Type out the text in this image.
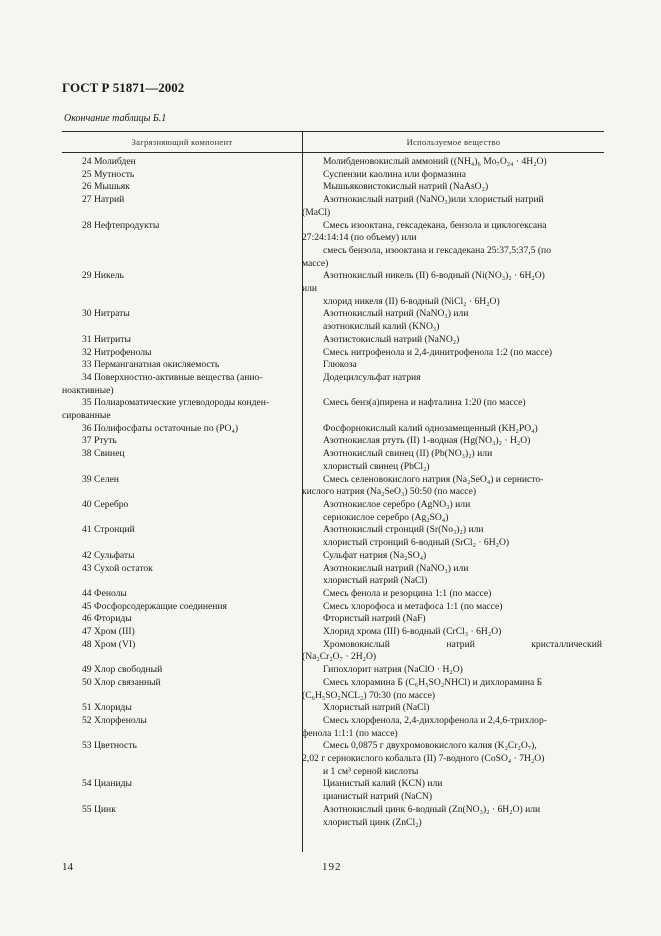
ГОСТ Р 51871—2002
Окончание таблицы Б.1
Загрязняющий компонент	Используемое вещество
24 Молибден	Молибденовокислый аммоний ((NH₄)₆ Mo₇O₂₄ · 4H₂O)
25 Мутность	Суспензии каолина или формазина
26 Мышьяк	Мышьяковистокислый натрий (NaAsO₂)
27 Натрий	Азотнокислый натрий (NaNO₃)или хлористый натрий
(MaCl)
28 Нефтепродукты	Смесь изооктана, гексадекана, бензола и циклогексана
27:24:14:14 (по объему) или
смесь бензола, изооктана и гексадекана 25:37,5:37,5 (по
массе)
29 Никель	Азотнокислый никель (II) 6-водный (Ni(NO₃)₂ · 6H₂O)
или
хлорид никеля (II) 6-водный (NiCl₂ · 6H₂O)
30 Нитраты	Азотнокислый натрий (NaNO₃) или
азотнокислый калий (KNO₃)
31 Нитриты	Азотистокислый натрий (NaNO₂)
32 Нитрофенолы	Смесь нитрофенола и 2,4-динитрофенола 1:2 (по массе)
33 Перманганатная окисляемость	Глюкоза
34 Поверхностно-активные вещества (анио-	Додецилсульфат натрия
ноактивные)
35 Полиароматические углеводороды конден-	Смесь бенз(а)пирена и нафталина 1:20 (по массе)
сированные
36 Полифосфаты остаточные по (PO₄)	Фосфорнокислый калий однозамещенный (KH₂PO₄)
37 Ртуть	Азотнокислая ртуть (II) 1-водная (Hg(NO₃)₂ · H₂O)
38 Свинец	Азотнокислый свинец (II) (Pb(NO₃)₂) или
хлористый свинец (PbCl₂)
39 Селен	Смесь селеновокислого натрия (Na₂SeO₄) и сернисто-
кислого натрия (Na₂SeO₃) 50:50 (по массе)
40 Серебро	Азотнокислое серебро (AgNO₃) или
сернокислое серебро (Ag₂SO₄)
41 Стронций	Азотнокислый стронций (Sr(No₃)₂) или
хлористый стронций 6-водный (SrCl₂ · 6H₂O)
42 Сульфаты	Сульфат натрия (Na₂SO₄)
43 Сухой остаток	Азотнокислый натрий (NaNO₃) или
хлористый натрий (NaCl)
44 Фенолы	Смесь фенола и резорцина 1:1 (по массе)
45 Фосфорсодержащие соединения	Смесь хлорофоса и метафоса 1:1 (по массе)
46 Фториды	Фтористый натрий (NaF)
47 Хром (III)	Хлорид хрома (III) 6-водный (CrCl₃ · 6H₂O)
48 Хром (VI)	Хромовокислый натрий кристаллический
(Na₂Cr₂O₇ · 2H₂O)
49 Хлор свободный	Гипохлорит натрия (NaClO · H₂O)
50 Хлор связанный	Смесь хлорамина Б (C₆H₅SO₂NHCl) и дихлорамина Б
(C₆H₅SO₂NCL₂) 70:30 (по массе)
51 Хлориды	Хлористый натрий (NaCl)
52 Хлорфенолы	Смесь хлорфенола, 2,4-дихлорфенола и 2,4,6-трихлор-
фенола 1:1:1 (по массе)
53 Цветность	Смесь 0,0875 г двухромовокислого калия (K₂Cr₂O₇),
2,02 г сернокислого кобальта (II) 7-водного (CoSO₄ · 7H₂O)
и 1 см³ серной кислоты
54 Цианиды	Цианистый калий (KCN) или
цианистый натрий (NaCN)
55 Цинк	Азотнокислый цинк 6-водный (Zn(NO₃)₂ · 6H₂O) или
хлористый цинк (ZnCl₂)
14	192
